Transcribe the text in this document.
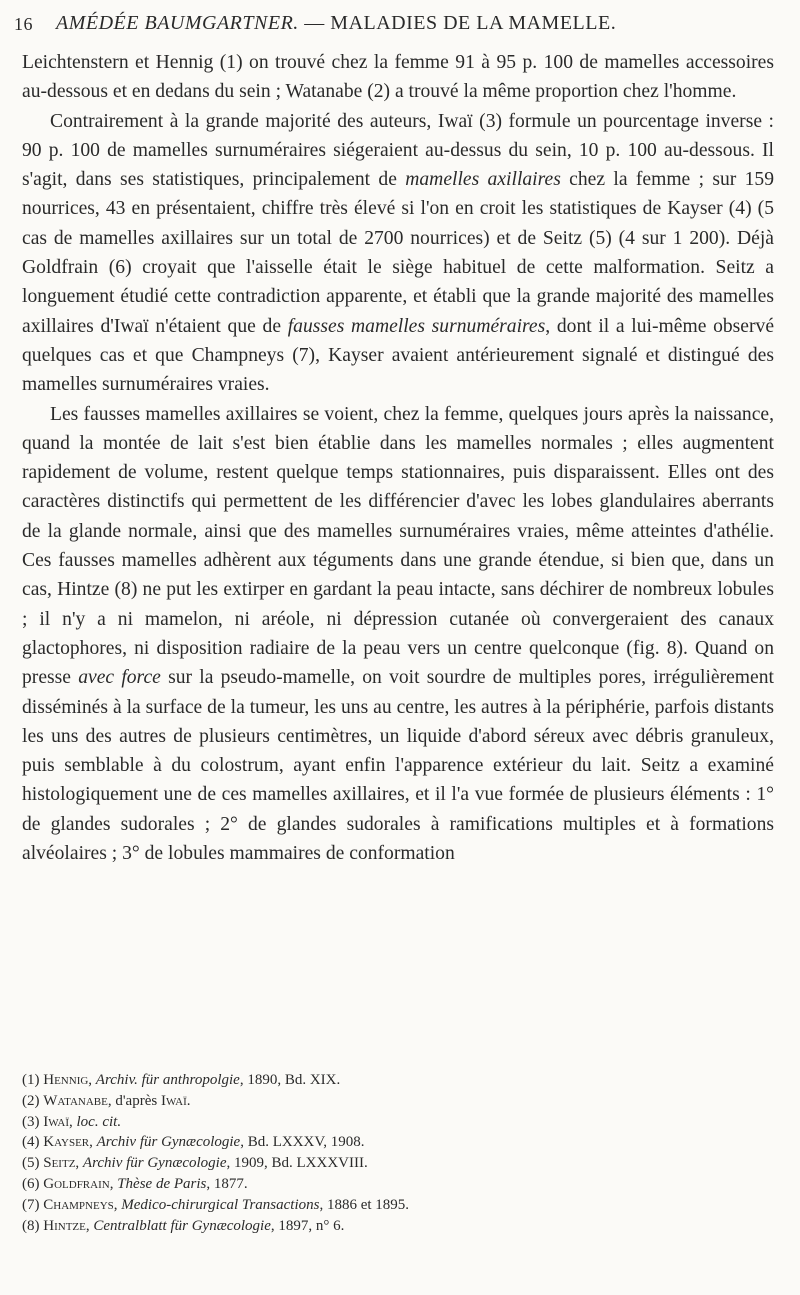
16 AMÉDÉE BAUMGARTNER. — MALADIES DE LA MAMELLE.

Leichtenstern et Hennig (1) on trouvé chez la femme 91 à 95 p. 100 de mamelles accessoires au-dessous et en dedans du sein ; Watanabe (2) a trouvé la même proportion chez l'homme.

Contrairement à la grande majorité des auteurs, Iwaï (3) formule un pourcentage inverse : 90 p. 100 de mamelles surnuméraires siégeraient au-dessus du sein, 10 p. 100 au-dessous. Il s'agit, dans ses statistiques, principalement de mamelles axillaires chez la femme ; sur 159 nourrices, 43 en présentaient, chiffre très élevé si l'on en croit les statistiques de Kayser (4) (5 cas de mamelles axillaires sur un total de 2700 nourrices) et de Seitz (5) (4 sur 1 200). Déjà Goldfrain (6) croyait que l'aisselle était le siège habituel de cette malformation. Seitz a longuement étudié cette contradiction apparente, et établi que la grande majorité des mamelles axillaires d'Iwaï n'étaient que de fausses mamelles surnuméraires, dont il a lui-même observé quelques cas et que Champneys (7), Kayser avaient antérieurement signalé et distingué des mamelles surnuméraires vraies.

Les fausses mamelles axillaires se voient, chez la femme, quelques jours après la naissance, quand la montée de lait s'est bien établie dans les mamelles normales ; elles augmentent rapidement de volume, restent quelque temps stationnaires, puis disparaissent. Elles ont des caractères distinctifs qui permettent de les différencier d'avec les lobes glandulaires aberrants de la glande normale, ainsi que des mamelles surnuméraires vraies, même atteintes d'athélie. Ces fausses mamelles adhèrent aux téguments dans une grande étendue, si bien que, dans un cas, Hintze (8) ne put les extirper en gardant la peau intacte, sans déchirer de nombreux lobules ; il n'y a ni mamelon, ni aréole, ni dépression cutanée où convergeraient des canaux glactophores, ni disposition radiaire de la peau vers un centre quelconque (fig. 8). Quand on presse avec force sur la pseudo-mamelle, on voit sourdre de multiples pores, irrégulièrement disséminés à la surface de la tumeur, les uns au centre, les autres à la périphérie, parfois distants les uns des autres de plusieurs centimètres, un liquide d'abord séreux avec débris granuleux, puis semblable à du colostrum, ayant enfin l'apparence extérieur du lait. Seitz a examiné histologiquement une de ces mamelles axillaires, et il l'a vue formée de plusieurs éléments : 1° de glandes sudorales ; 2° de glandes sudorales à ramifications multiples et à formations alvéolaires ; 3° de lobules mammaires de conformation

(1) Hennig, Archiv. für anthropolgie, 1890, Bd. XIX.
(2) Watanabe, d'après Iwaï.
(3) Iwaï, loc. cit.
(4) Kayser, Archiv für Gynæcologie, Bd. LXXXV, 1908.
(5) Seitz, Archiv für Gynæcologie, 1909, Bd. LXXXVIII.
(6) Goldfrain, Thèse de Paris, 1877.
(7) Champneys, Medico-chirurgical Transactions, 1886 et 1895.
(8) Hintze, Centralblatt für Gynæcologie, 1897, n° 6.
